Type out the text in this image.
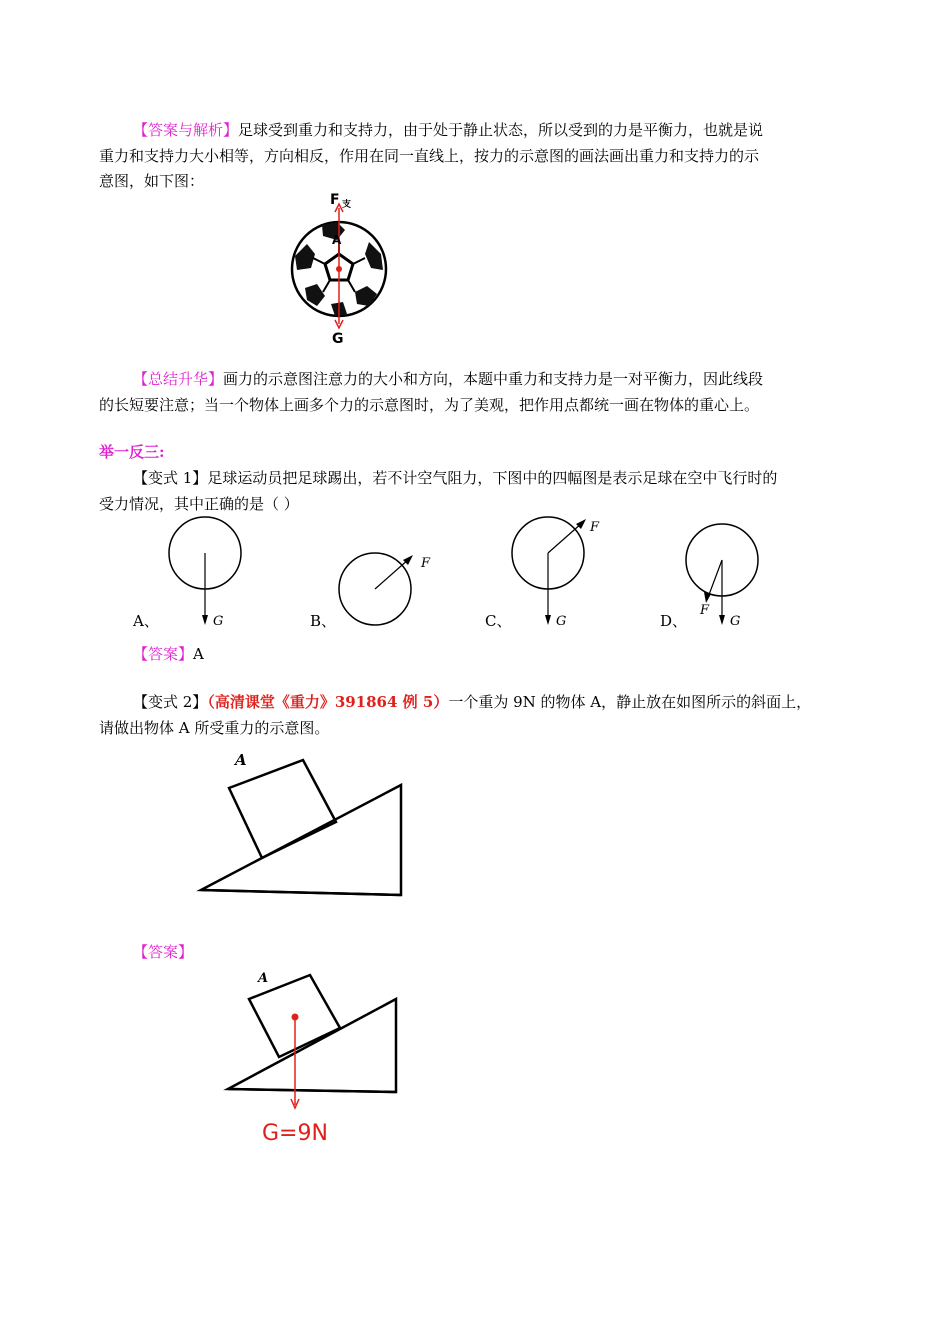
【答案与解析】足球受到重力和支持力，由于处于静止状态，所以受到的力是平衡力，也就是说
重力和支持力大小相等，方向相反，作用在同一直线上，按力的示意图的画法画出重力和支持力的示
意图，如下图：
F 支
A
G
【总结升华】画力的示意图注意力的大小和方向，本题中重力和支持力是一对平衡力，因此线段
的长短要注意；当一个物体上画多个力的示意图时，为了美观，把作用点都统一画在物体的重心上。
举一反三:
【变式 1】足球运动员把足球踢出，若不计空气阻力，下图中的四幅图是表示足球在空中飞行时的
受力情况，其中正确的是（ ）
G
A、
F
B、
F
G
C、
F
G
D、
【答案】A
【变式 2】（高清课堂《重力》391864 例 5）一个重为 9N 的物体 A，静止放在如图所示的斜面上，
请做出物体 A 所受重力的示意图。
A
【答案】
A
G=9N
